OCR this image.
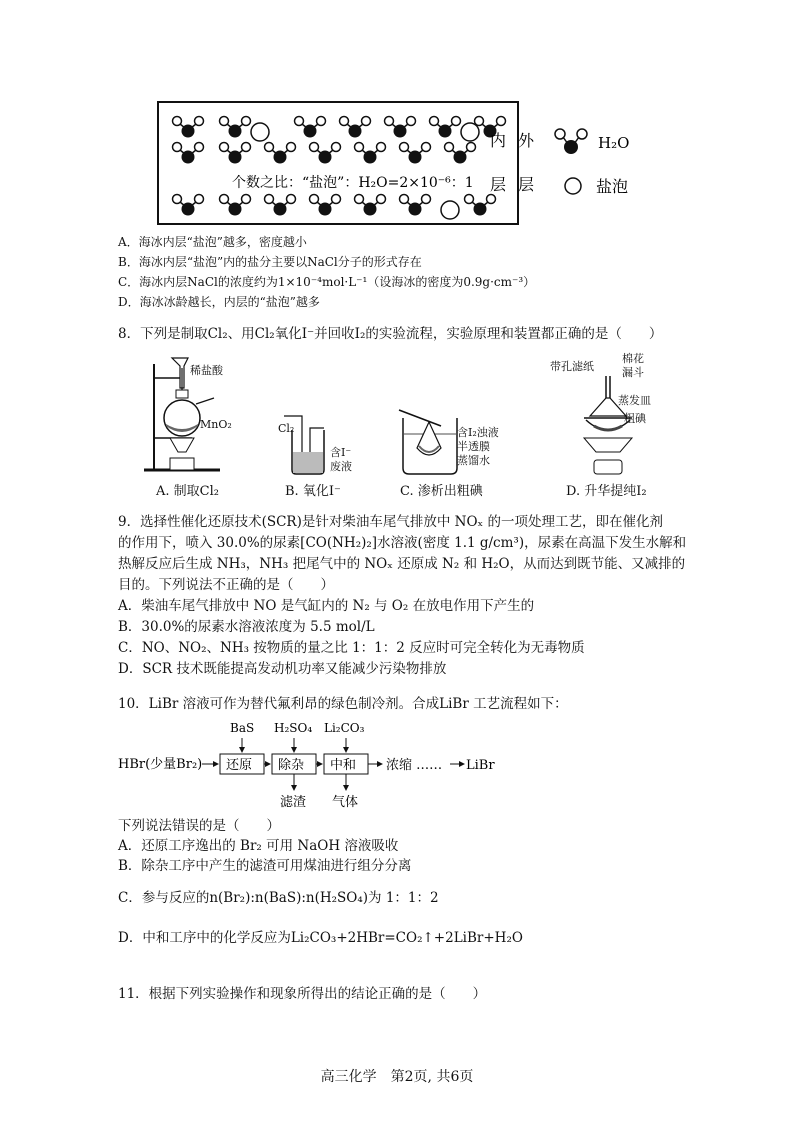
个数之比：“盐泡”：H₂O=2×10⁻⁶：1
内 外
层 层
H₂O
盐泡
A．海冰内层“盐泡”越多，密度越小
B．海冰内层“盐泡”内的盐分主要以NaCl分子的形式存在
C．海冰内层NaCl的浓度约为1×10⁻⁴mol·L⁻¹（设海冰的密度为0.9g·cm⁻³）
D．海冰冰龄越长，内层的“盐泡”越多
8．下列是制取Cl₂、用Cl₂氧化I⁻并回收I₂的实验流程，实验原理和装置都正确的是（　　）
稀盐酸
MnO₂
A. 制取Cl₂
Cl₂
含I⁻
废液
B. 氧化I⁻
含I₂浊液
半透膜
蒸馏水
C. 渗析出粗碘
带孔滤纸
棉花
漏斗
蒸发皿
粗碘
D. 升华提纯I₂
9．选择性催化还原技术(SCR)是针对柴油车尾气排放中 NOₓ 的一项处理工艺，即在催化剂
的作用下，喷入 30.0%的尿素[CO(NH₂)₂]水溶液(密度 1.1 g/cm³)，尿素在高温下发生水解和
热解反应后生成 NH₃，NH₃ 把尾气中的 NOₓ 还原成 N₂ 和 H₂O，从而达到既节能、又减排的
目的。下列说法不正确的是（　　）
A．柴油车尾气排放中 NO 是气缸内的 N₂ 与 O₂ 在放电作用下产生的
B．30.0%的尿素水溶液浓度为 5.5 mol/L
C．NO、NO₂、NH₃ 按物质的量之比 1：1：2 反应时可完全转化为无毒物质
D．SCR 技术既能提高发动机功率又能减少污染物排放
10．LiBr 溶液可作为替代氟利昂的绿色制冷剂。合成LiBr 工艺流程如下：
HBr(少量Br₂) 还原 除杂 中和 浓缩 …… LiBr
BaS H₂SO₄ Li₂CO₃
滤渣 气体
下列说法错误的是（　　）
A．还原工序逸出的 Br₂ 可用 NaOH 溶液吸收
B．除杂工序中产生的滤渣可用煤油进行组分分离
C．参与反应的n(Br₂):n(BaS):n(H₂SO₄)为 1：1：2
D．中和工序中的化学反应为Li₂CO₃+2HBr=CO₂↑+2LiBr+H₂O
11．根据下列实验操作和现象所得出的结论正确的是（　　）
高三化学　第2页, 共6页
